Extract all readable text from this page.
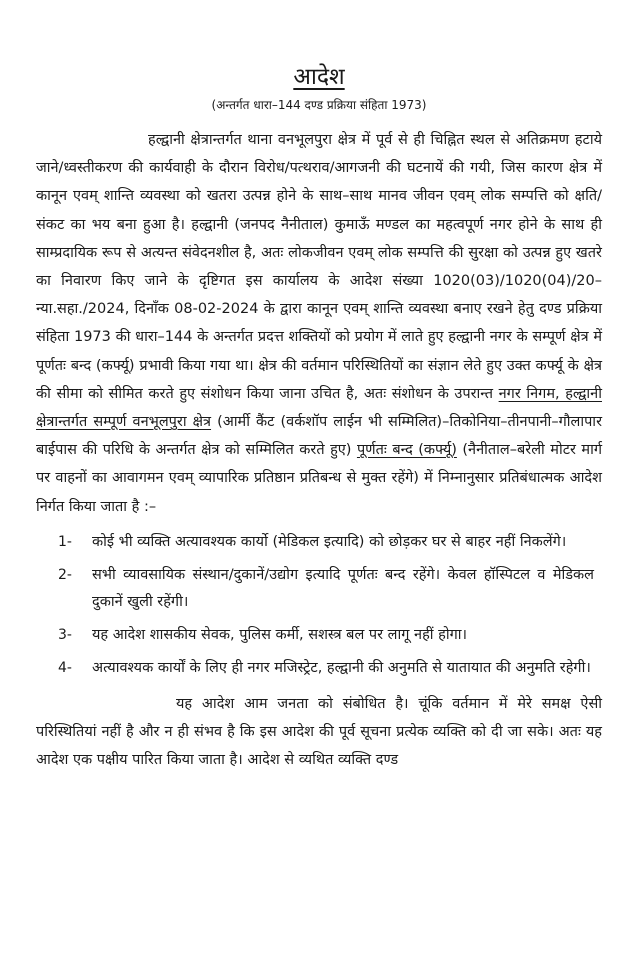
आदेश
(अन्तर्गत धारा–144 दण्ड प्रक्रिया संहिता 1973)

हल्द्वानी क्षेत्रान्तर्गत थाना वनभूलपुरा क्षेत्र में पूर्व से ही चिह्नित स्थल से अतिक्रमण हटाये जाने/ध्वस्तीकरण की कार्यवाही के दौरान विरोध/पत्थराव/आगजनी की घटनायें की गयी, जिस कारण क्षेत्र में कानून एवम् शान्ति व्यवस्था को खतरा उत्पन्न होने के साथ–साथ मानव जीवन एवम् लोक सम्पत्ति को क्षति/संकट का भय बना हुआ है। हल्द्वानी (जनपद नैनीताल) कुमाऊँ मण्डल का महत्वपूर्ण नगर होने के साथ ही साम्प्रदायिक रूप से अत्यन्त संवेदनशील है, अतः लोकजीवन एवम् लोक सम्पत्ति की सुरक्षा को उत्पन्न हुए खतरे का निवारण किए जाने के दृष्टिगत इस कार्यालय के आदेश संख्या 1020(03)/1020(04)/20–न्या.सहा./2024, दिनाँक 08-02-2024 के द्वारा कानून एवम् शान्ति व्यवस्था बनाए रखने हेतु दण्ड प्रक्रिया संहिता 1973 की धारा–144 के अन्तर्गत प्रदत्त शक्तियों को प्रयोग में लाते हुए हल्द्वानी नगर के सम्पूर्ण क्षेत्र में पूर्णतः बन्द (कर्फ्यू) प्रभावी किया गया था। क्षेत्र की वर्तमान परिस्थितियों का संज्ञान लेते हुए उक्त कर्फ्यू के क्षेत्र की सीमा को सीमित करते हुए संशोधन किया जाना उचित है, अतः संशोधन के उपरान्त नगर निगम, हल्द्वानी क्षेत्रान्तर्गत सम्पूर्ण वनभूलपुरा क्षेत्र (आर्मी कैंट (वर्कशॉप लाईन भी सम्मिलित)–तिकोनिया–तीनपानी–गौलापार बाईपास की परिधि के अन्तर्गत क्षेत्र को सम्मिलित करते हुए) पूर्णतः बन्द (कर्फ्यू) (नैनीताल–बरेली मोटर मार्ग पर वाहनों का आवागमन एवम् व्यापारिक प्रतिष्ठान प्रतिबन्ध से मुक्त रहेंगे) में निम्नानुसार प्रतिबंधात्मक आदेश निर्गत किया जाता है :–

1-	कोई भी व्यक्ति अत्यावश्यक कार्यो (मेडिकल इत्यादि) को छोड़कर घर से बाहर नहीं निकलेंगे।
2-	सभी व्यावसायिक संस्थान/दुकानें/उद्योग इत्यादि पूर्णतः बन्द रहेंगे। केवल हॉस्पिटल व मेडिकल दुकानें खुली रहेंगी।
3-	यह आदेश शासकीय सेवक, पुलिस कर्मी, सशस्त्र बल पर लागू नहीं होगा।
4-	अत्यावश्यक कार्यों के लिए ही नगर मजिस्ट्रेट, हल्द्वानी की अनुमति से यातायात की अनुमति रहेगी।

यह आदेश आम जनता को संबोधित है। चूंकि वर्तमान में मेरे समक्ष ऐसी परिस्थितियां नहीं है और न ही संभव है कि इस आदेश की पूर्व सूचना प्रत्येक व्यक्ति को दी जा सके। अतः यह आदेश एक पक्षीय पारित किया जाता है। आदेश से व्यथित व्यक्ति दण्ड
